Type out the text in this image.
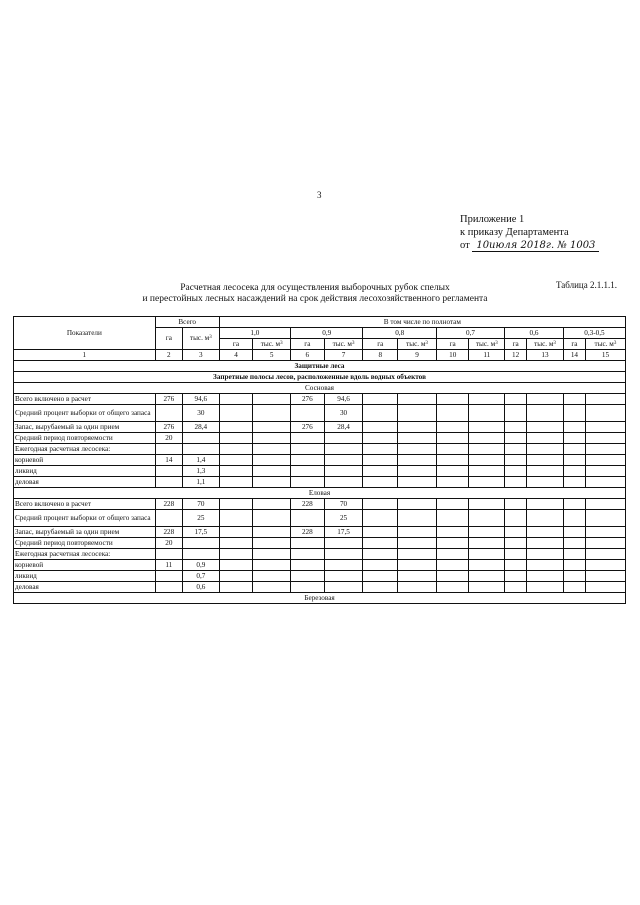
3
Приложение 1
к приказу Департамента
от 10июля 2018г. № 1003
Таблица 2.1.1.1.
Расчетная лесосека для осуществления выборочных рубок спелых
и перестойных лесных насаждений на срок действия лесохозяйственного регламента
Показатели	Всего		В том числе по полнотам											
	га	тыс. $м^3$	1,0		0,9		0,8		0,7		0,6		0,3-0,5	
			га	тыс. $м^3$	га	тыс. $м^3$	га	тыс. $м^3$	га	тыс. $м^3$	га	тыс. $м^3$	га	тыс. $м^3$
1	2	3	4	5	6	7	8	9	10	11	12	13	14	15
Защитные леса														
Запретные полосы лесов, расположенные вдоль водных объектов														
Сосновая														
Всего включено в расчет	276	94,6			276	94,6								
Средний процент выборки от общего запаса		30				30								
Запас, вырубаемый за один прием	276	28,4			276	28,4								
Средний период повторяемости	20													
Ежегодная расчетная лесосека:														
корневой	14	1,4												
ликвид		1,3												
деловая		1,1												
Еловая														
Всего включено в расчет	228	70			228	70								
Средний процент выборки от общего запаса		25				25								
Запас, вырубаемый за один прием	228	17,5			228	17,5								
Средний период повторяемости	20													
Ежегодная расчетная лесосека:														
корневой	11	0,9												
ликвид		0,7												
деловая		0,6												
Березовая														
